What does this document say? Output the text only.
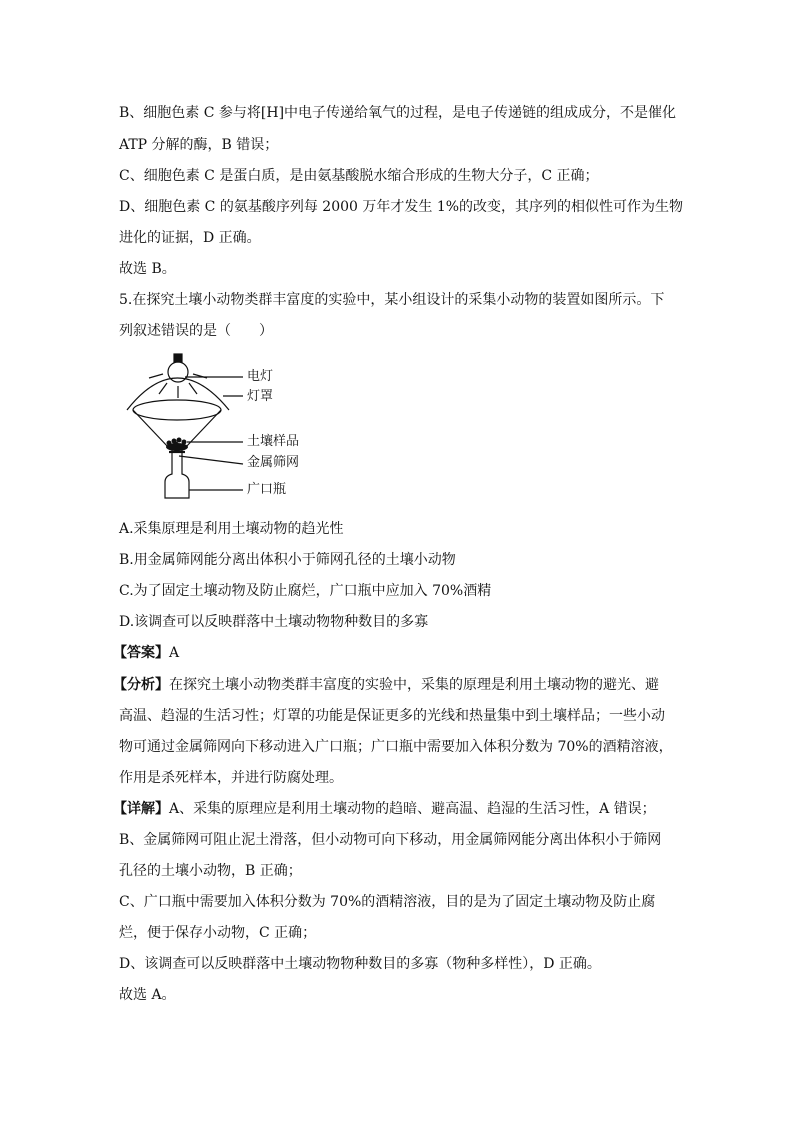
B、细胞色素 C 参与将[H]中电子传递给氧气的过程，是电子传递链的组成成分，不是催化
ATP 分解的酶，B 错误；
C、细胞色素 C 是蛋白质，是由氨基酸脱水缩合形成的生物大分子，C 正确；
D、细胞色素 C 的氨基酸序列每 2000 万年才发生 1%的改变，其序列的相似性可作为生物
进化的证据，D 正确。
故选 B。
5.在探究土壤小动物类群丰富度的实验中，某小组设计的采集小动物的装置如图所示。下
列叙述错误的是（　　）
电灯
灯罩
土壤样品
金属筛网
广口瓶
A.采集原理是利用土壤动物的趋光性
B.用金属筛网能分离出体积小于筛网孔径的土壤小动物
C.为了固定土壤动物及防止腐烂，广口瓶中应加入 70%酒精
D.该调查可以反映群落中土壤动物物种数目的多寡
【答案】A
【分析】在探究土壤小动物类群丰富度的实验中，采集的原理是利用土壤动物的避光、避
高温、趋湿的生活习性；灯罩的功能是保证更多的光线和热量集中到土壤样品；一些小动
物可通过金属筛网向下移动进入广口瓶；广口瓶中需要加入体积分数为 70%的酒精溶液，
作用是杀死样本，并进行防腐处理。
【详解】A、采集的原理应是利用土壤动物的趋暗、避高温、趋湿的生活习性，A 错误；
B、金属筛网可阻止泥土滑落，但小动物可向下移动，用金属筛网能分离出体积小于筛网
孔径的土壤小动物，B 正确；
C、广口瓶中需要加入体积分数为 70%的酒精溶液，目的是为了固定土壤动物及防止腐
烂，便于保存小动物，C 正确；
D、该调查可以反映群落中土壤动物物种数目的多寡（物种多样性），D 正确。
故选 A。
